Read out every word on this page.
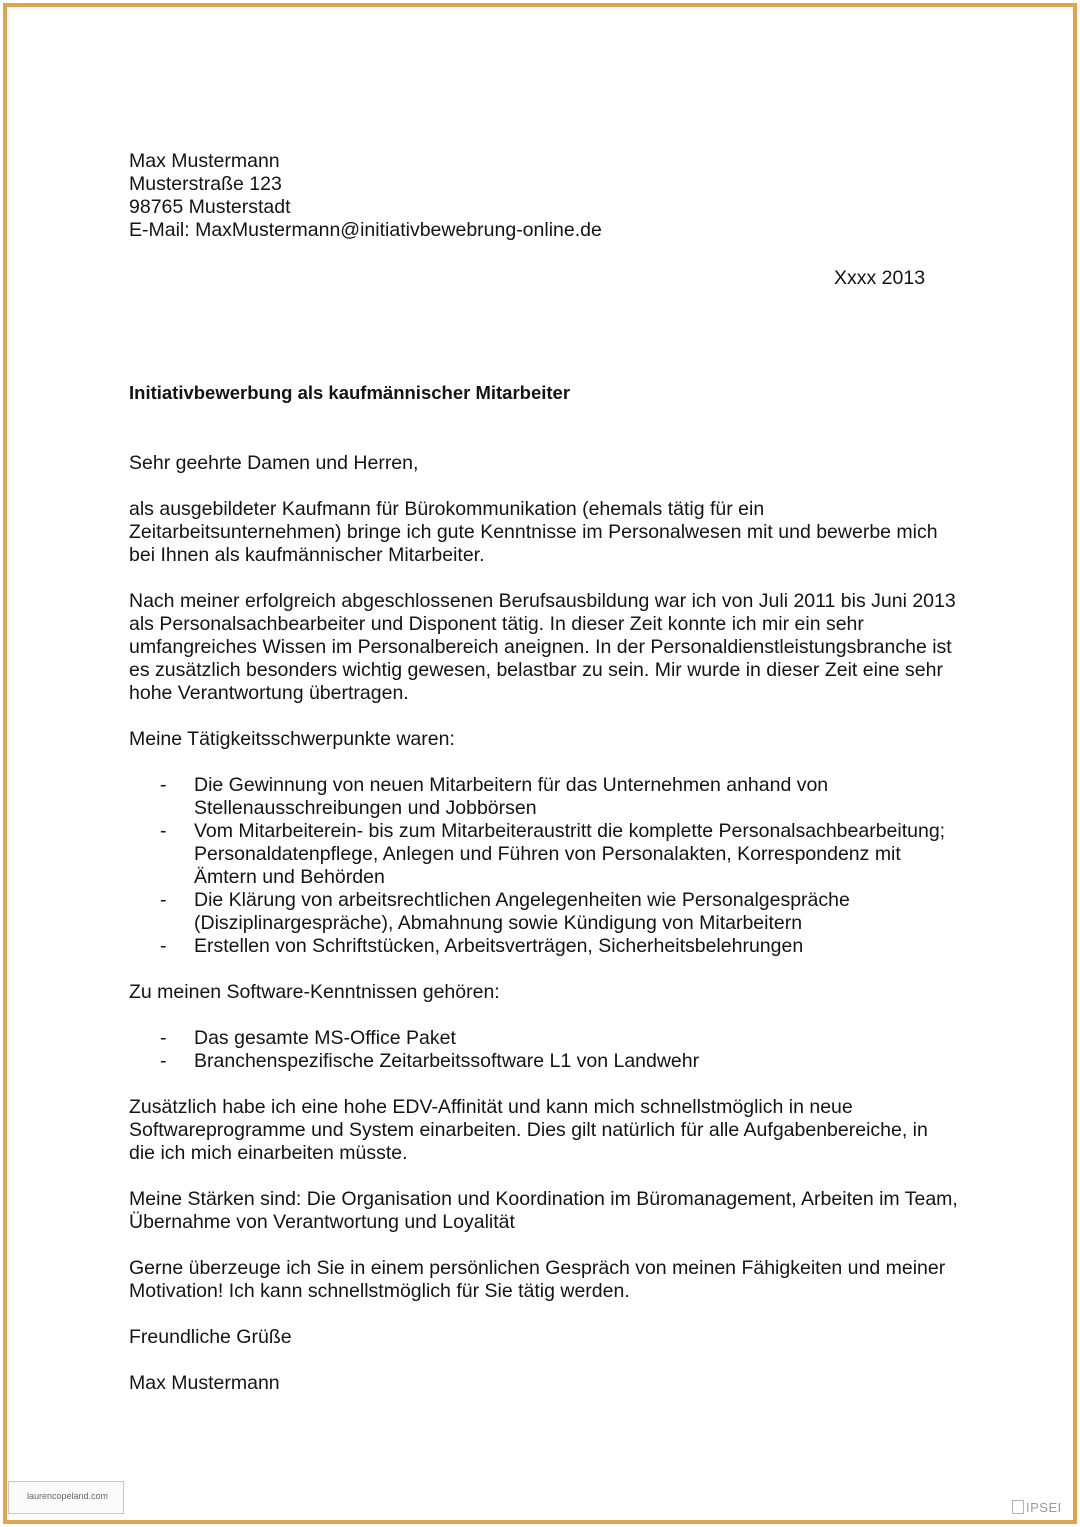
Max Mustermann
Musterstraße 123
98765 Musterstadt
E-Mail: MaxMustermann@initiativbewebrung-online.de
Xxxx 2013
Initiativbewerbung als kaufmännischer Mitarbeiter

Sehr geehrte Damen und Herren,

als ausgebildeter Kaufmann für Bürokommunikation (ehemals tätig für ein Zeitarbeitsunternehmen) bringe ich gute Kenntnisse im Personalwesen mit und bewerbe mich bei Ihnen als kaufmännischer Mitarbeiter.

Nach meiner erfolgreich abgeschlossenen Berufsausbildung war ich von Juli 2011 bis Juni 2013 als Personalsachbearbeiter und Disponent tätig. In dieser Zeit konnte ich mir ein sehr umfangreiches Wissen im Personalbereich aneignen. In der Personaldienstleistungsbranche ist es zusätzlich besonders wichtig gewesen, belastbar zu sein. Mir wurde in dieser Zeit eine sehr hohe Verantwortung übertragen.

Meine Tätigkeitsschwerpunkte waren:

- Die Gewinnung von neuen Mitarbeitern für das Unternehmen anhand von Stellenausschreibungen und Jobbörsen
- Vom Mitarbeiterein- bis zum Mitarbeiteraustritt die komplette Personalsachbearbeitung; Personaldatenpflege, Anlegen und Führen von Personalakten, Korrespondenz mit Ämtern und Behörden
- Die Klärung von arbeitsrechtlichen Angelegenheiten wie Personalgespräche (Disziplinargespräche), Abmahnung sowie Kündigung von Mitarbeitern
- Erstellen von Schriftstücken, Arbeitsverträgen, Sicherheitsbelehrungen

Zu meinen Software-Kenntnissen gehören:

- Das gesamte MS-Office Paket
- Branchenspezifische Zeitarbeitssoftware L1 von Landwehr

Zusätzlich habe ich eine hohe EDV-Affinität und kann mich schnellstmöglich in neue Softwareprogramme und System einarbeiten. Dies gilt natürlich für alle Aufgabenbereiche, in die ich mich einarbeiten müsste.

Meine Stärken sind: Die Organisation und Koordination im Büromanagement, Arbeiten im Team, Übernahme von Verantwortung und Loyalität

Gerne überzeuge ich Sie in einem persönlichen Gespräch von meinen Fähigkeiten und meiner Motivation! Ich kann schnellstmöglich für Sie tätig werden.

Freundliche Grüße

Max Mustermann

laurencopeland.com
IPSEI
